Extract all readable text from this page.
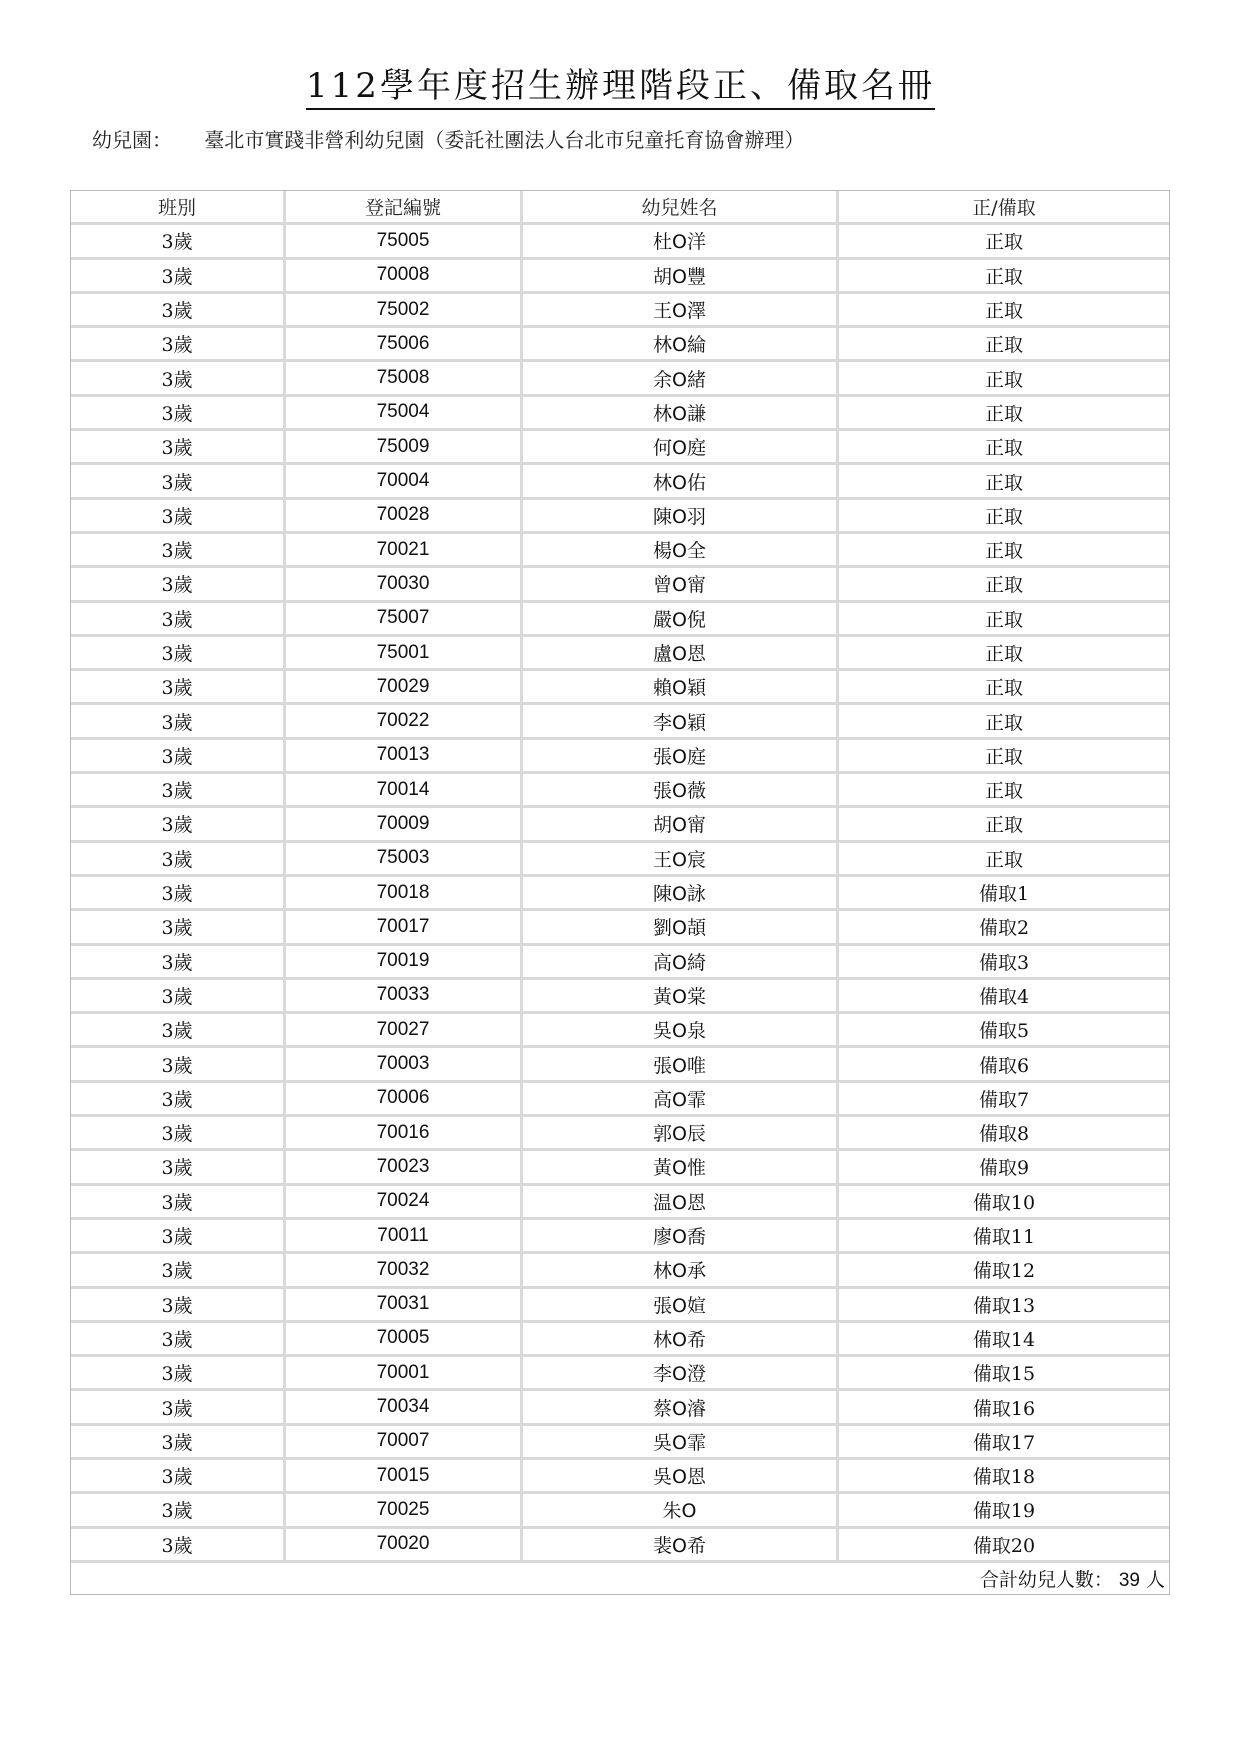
112學年度招生辦理階段正、備取名冊
幼兒園： 臺北市實踐非營利幼兒園（委託社團法人台北市兒童托育協會辦理）
班別	登記編號	幼兒姓名	正/備取
3歲	75005	杜O洋	正取
3歲	70008	胡O豐	正取
3歲	75002	王O澤	正取
3歲	75006	林O綸	正取
3歲	75008	余O緒	正取
3歲	75004	林O謙	正取
3歲	75009	何O庭	正取
3歲	70004	林O佑	正取
3歲	70028	陳O羽	正取
3歲	70021	楊O全	正取
3歲	70030	曾O甯	正取
3歲	75007	嚴O倪	正取
3歲	75001	盧O恩	正取
3歲	70029	賴O穎	正取
3歲	70022	李O穎	正取
3歲	70013	張O庭	正取
3歲	70014	張O薇	正取
3歲	70009	胡O甯	正取
3歲	75003	王O宸	正取
3歲	70018	陳O詠	備取1
3歲	70017	劉O頡	備取2
3歲	70019	高O綺	備取3
3歲	70033	黃O棠	備取4
3歲	70027	吳O泉	備取5
3歲	70003	張O唯	備取6
3歲	70006	高O霏	備取7
3歲	70016	郭O辰	備取8
3歲	70023	黃O惟	備取9
3歲	70024	温O恩	備取10
3歲	70011	廖O喬	備取11
3歲	70032	林O承	備取12
3歲	70031	張O媗	備取13
3歲	70005	林O希	備取14
3歲	70001	李O澄	備取15
3歲	70034	蔡O濬	備取16
3歲	70007	吳O霏	備取17
3歲	70015	吳O恩	備取18
3歲	70025	朱O	備取19
3歲	70020	裴O希	備取20
合計幼兒人數： 39 人			
